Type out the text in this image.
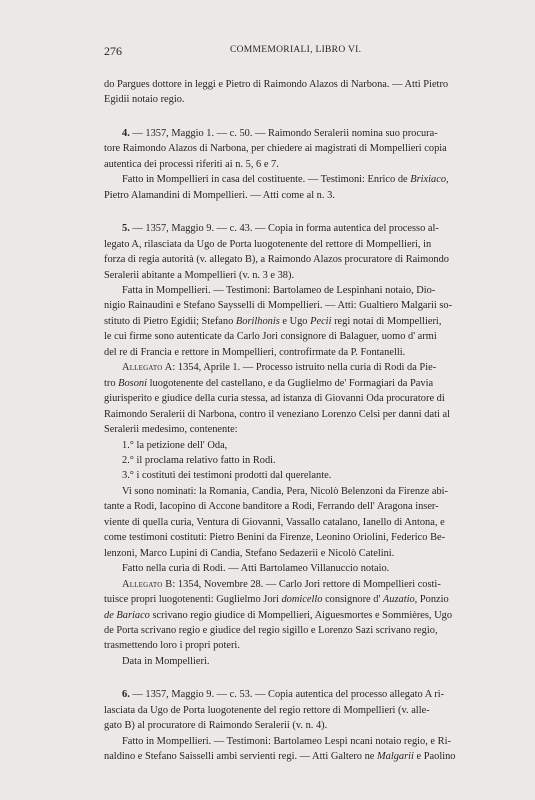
276	COMMEMORIALI, LIBRO VI.

do Pargues dottore in leggi e Pietro di Raimondo Alazos di Narbona. — Atti Pietro

Egidii notaio regio.

4. — 1357, Maggio 1. — c. 50. — Raimondo Seralerii nomina suo procura-

tore Raimondo Alazos di Narbona, per chiedere ai magistrati di Mompellieri copia

autentica dei processi riferiti ai n. 5, 6 e 7.

Fatto in Mompellieri in casa del costituente. — Testimoni: Enrico de Brixiaco,

Pietro Alamandini di Mompellieri. — Atti come al n. 3.

5. — 1357, Maggio 9. — c. 43. — Copia in forma autentica del processo al-

legato A, rilasciata da Ugo de Porta luogotenente del rettore di Mompellieri, in

forza di regia autorità (v. allegato B), a Raimondo Alazos procuratore di Raimondo

Seralerii abitante a Mompellieri (v. n. 3 e 38).

Fatta in Mompellieri. — Testimoni: Bartolameo de Lespinhani notaio, Dio-

nigio Rainaudini e Stefano Saysselli di Mompellieri. — Atti: Gualtiero Malgarii so-

stituto di Pietro Egidii; Stefano Borilhonis e Ugo Pecii regi notai di Mompellieri,

le cui firme sono autenticate da Carlo Jori consignore di Balaguer, uomo d' armi

del re di Francia e rettore in Mompellieri, controfirmate da P. Fontanelli.

Allegato A: 1354, Aprile 1. — Processo istruito nella curia di Rodi da Pie-

tro Bosoni luogotenente del castellano, e da Guglielmo de' Formagiari da Pavia

giurisperito e giudice della curia stessa, ad istanza di Giovanni Oda procuratore di

Raimondo Seralerii di Narbona, contro il veneziano Lorenzo Celsi per danni dati al

Seralerii medesimo, contenente:

1.° la petizione dell' Oda,

2.° il proclama relativo fatto in Rodi.

3.° i costituti dei testimoni prodotti dal querelante.

Vi sono nominati: la Romania, Candia, Pera, Nicolò Belenzoni da Firenze abi-

tante a Rodi, Iacopino di Accone banditore a Rodi, Ferrando dell' Aragona inser-

viente di quella curia, Ventura di Giovanni, Vassallo catalano, Ianello di Antona, e

come testimoni costituti: Pietro Benini da Firenze, Leonino Oriolini, Federico Be-

lenzoni, Marco Lupini di Candia, Stefano Sedazerii e Nicolò Catelini.

Fatto nella curia di Rodi. — Atti Bartolameo Villanuccio notaio.

Allegato B: 1354, Novembre 28. — Carlo Jori rettore di Mompellieri costi-

tuisce propri luogotenenti: Guglielmo Jori domicello consignore d' Auzatio, Ponzio

de Bariaco scrivano regio giudice di Mompellieri, Aiguesmortes e Sommières, Ugo

de Porta scrivano regio e giudice del regio sigillo e Lorenzo Sazi scrivano regio,

trasmettendo loro i propri poteri.

Data in Mompellieri.

6. — 1357, Maggio 9. — c. 53. — Copia autentica del processo allegato A ri-

lasciata da Ugo de Porta luogotenente del regio rettore di Mompellieri (v. alle-

gato B) al procuratore di Raimondo Seralerii (v. n. 4).

Fatto in Mompellieri. — Testimoni: Bartolameo Lespi ncani notaio regio, e Ri-

naldino e Stefano Saisselli ambi servienti regi. — Atti Galtero ne Malgarii e Paolino
